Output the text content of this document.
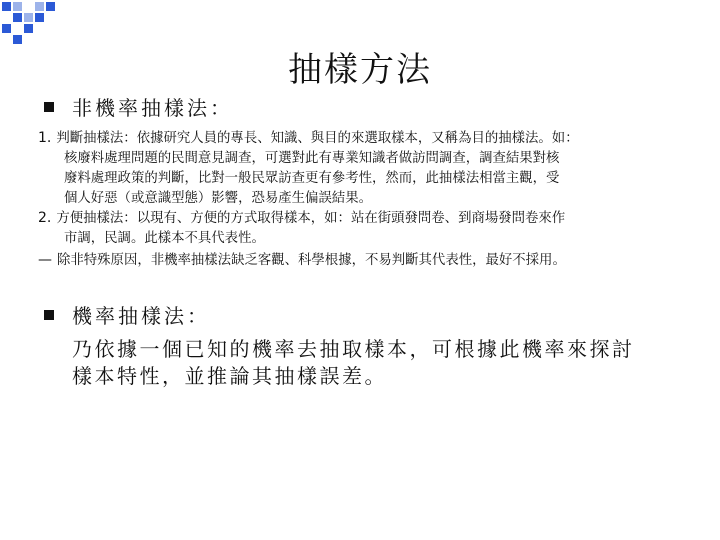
抽樣方法
非機率抽樣法：
1. 判斷抽樣法：依據研究人員的專長、知識、與目的來選取樣本，又稱為目的抽樣法。如：
核廢料處理問題的民間意見調查，可選對此有專業知識者做訪問調查，調查結果對核
廢料處理政策的判斷，比對一般民眾訪查更有參考性，然而，此抽樣法相當主觀，受
個人好惡（或意識型態）影響，恐易產生偏誤結果。
2. 方便抽樣法：以現有、方便的方式取得樣本，如：站在街頭發問卷、到商場發問卷來作
市調，民調。此樣本不具代表性。
— 除非特殊原因，非機率抽樣法缺乏客觀、科學根據，不易判斷其代表性，最好不採用。
機率抽樣法：
乃依據一個已知的機率去抽取樣本，可根據此機率來探討
樣本特性，並推論其抽樣誤差。
